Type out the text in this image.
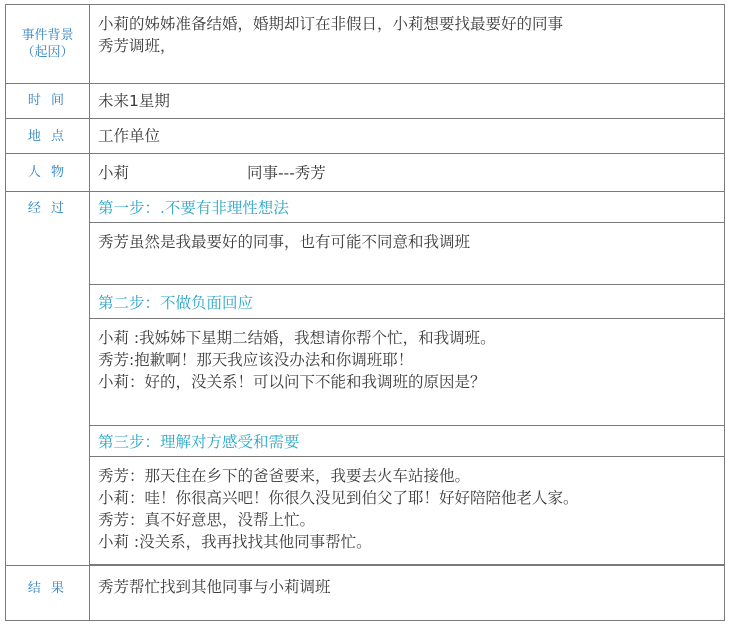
事件背景
（起因）	小莉的姊姊准备结婚，婚期却订在非假日，小莉想要找最要好的同事
秀芳调班，

时 间	未来1星期
地 点	工作单位
人 物	小莉 同事---秀芳
经 过	第一步：.不要有非理性想法

	秀芳虽然是我最要好的同事，也有可能不同意和我调班

	第二步：不做负面回应

	小莉 :我姊姊下星期二结婚，我想请你帮个忙，和我调班。
秀芳:抱歉啊！那天我应该没办法和你调班耶！
小莉：好的，没关系！可以问下不能和我调班的原因是？

	第三步：理解对方感受和需要

	秀芳：那天住在乡下的爸爸要来，我要去火车站接他。
小莉：哇！你很高兴吧！你很久没见到伯父了耶！好好陪陪他老人家。
秀芳：真不好意思，没帮上忙。
小莉 :没关系，我再找找其他同事帮忙。

结 果	秀芳帮忙找到其他同事与小莉调班
